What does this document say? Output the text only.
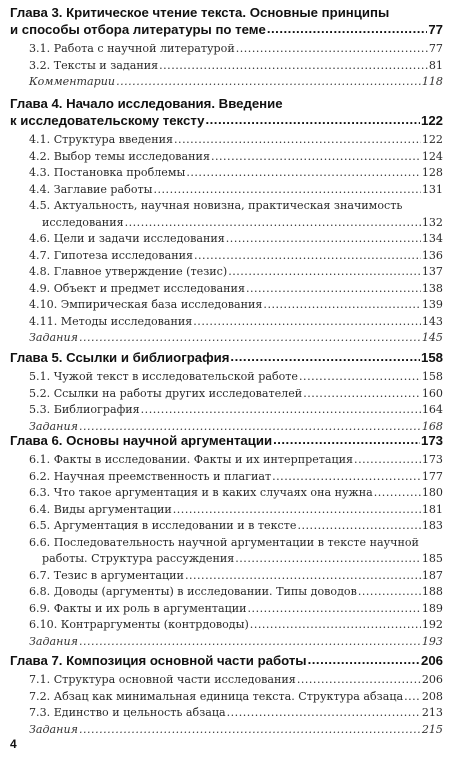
Глава 3. Критическое чтение текста. Основные принципы
и способы отбора литературы по теме .....	77
3.1. Работа с научной литературой .....	77
3.2. Тексты и задания .....	81
Комментарии .....	118
Глава 4. Начало исследования. Введение
к исследовательскому тексту .....	122
4.1. Структура введения .....	122
4.2. Выбор темы исследования .....	124
4.3. Постановка проблемы .....	128
4.4. Заглавие работы .....	131
4.5. Актуальность, научная новизна, практическая значимость
исследования .....	132
4.6. Цели и задачи исследования .....	134
4.7. Гипотеза исследования .....	136
4.8. Главное утверждение (тезис) .....	137
4.9. Объект и предмет исследования .....	138
4.10. Эмпирическая база исследования .....	139
4.11. Методы исследования .....	143
Задания .....	145
Глава 5. Ссылки и библиография .....	158
5.1. Чужой текст в исследовательской работе .....	158
5.2. Ссылки на работы других исследователей .....	160
5.3. Библиография .....	164
Задания .....	168
Глава 6. Основы научной аргументации .....	173
6.1. Факты в исследовании. Факты и их интерпретация .....	173
6.2. Научная преемственность и плагиат .....	177
6.3. Что такое аргументация и в каких случаях она нужна .....	180
6.4. Виды аргументации .....	181
6.5. Аргументация в исследовании и в тексте .....	183
6.6. Последовательность научной аргументации в тексте научной
работы. Структура рассуждения .....	185
6.7. Тезис в аргументации .....	187
6.8. Доводы (аргументы) в исследовании. Типы доводов .....	188
6.9. Факты и их роль в аргументации .....	189
6.10. Контраргументы (контрдоводы) .....	192
Задания .....	193
Глава 7. Композиция основной части работы .....	206
7.1. Структура основной части исследования .....	206
7.2. Абзац как минимальная единица текста. Структура абзаца ..... 208
7.3. Единство и цельность абзаца .....	213
Задания .....	215
4
